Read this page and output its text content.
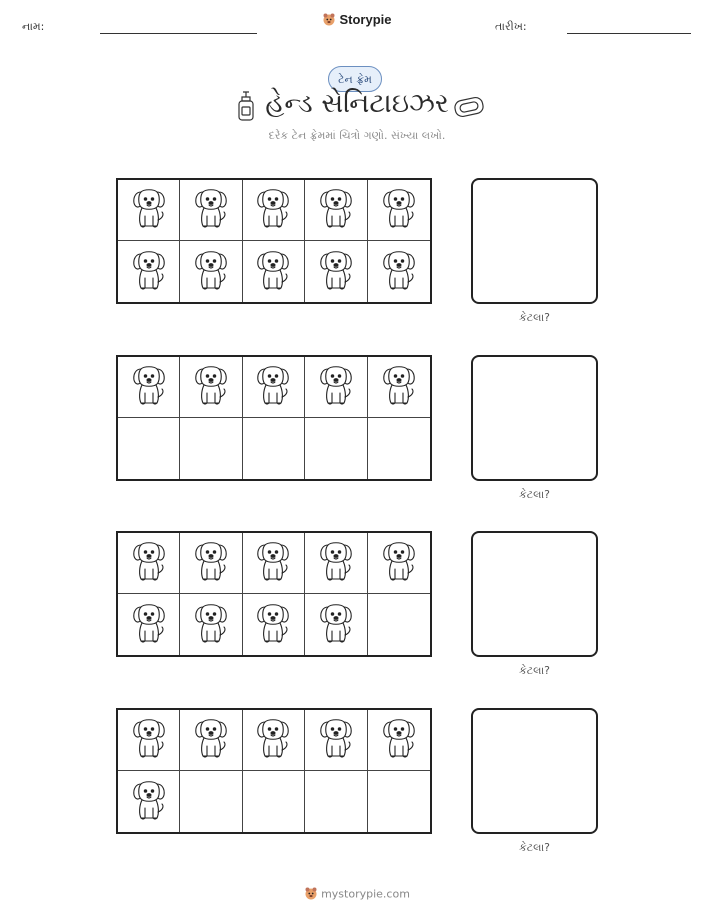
નામ:	Storypie	તારીખ:
ટેન ફ્રેમ
હેન્ડ સેનિટાઇઝર
દરેક ટેન ફ્રેમમાં ચિત્રો ગણો. સંખ્યા લખો.
કેટલા?
કેટલા?
કેટલા?
કેટલા?
mystorypie.com
